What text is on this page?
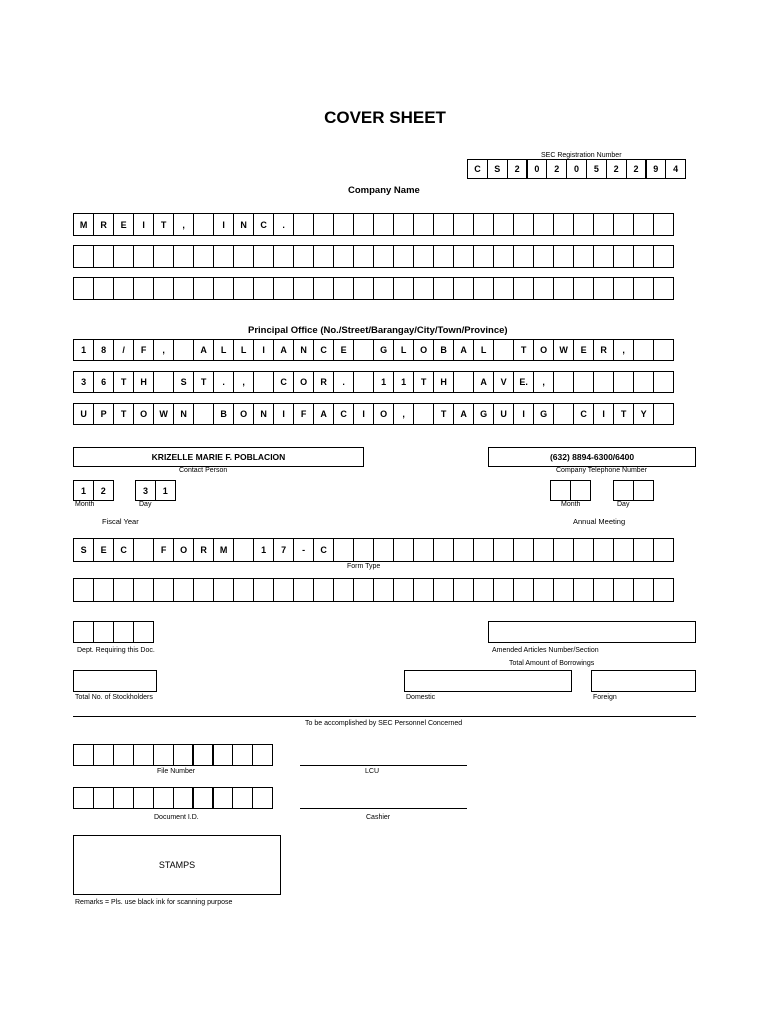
COVER SHEET
SEC Registration Number
C	S	2	0	2	0	5	2	2	9	4
Company Name
M	R	E	I	T	,	I	N	C	.
Principal Office (No./Street/Barangay/City/Town/Province)
1	8	/	F	,	A	L	L	I	A	N	C	E	G	L	O	B	A	L	T	O	W	E	R	,
3	6	T	H	S	T	.	,	C	O	R	.	1	1	T	H	A	V	E.	,
U	P	T	O	W	N	B	O	N	I	F	A	C	I	O	,	T	A	G	U	I	G	C	I	T	Y
KRIZELLE MARIE F. POBLACION
Contact Person
(632) 8894-6300/6400
Company Telephone Number
1	2	3	1
Month	Day
Fiscal Year
Month	Day
Annual Meeting
S	E	C	F	O	R	M	1	7	-	C
Form Type
Dept. Requiring this Doc.	Amended Articles Number/Section
Total Amount of Borrowings
Total No. of Stockholders	Domestic	Foreign
To be accomplished by SEC Personnel Concerned
File Number	LCU
Document I.D.	Cashier
STAMPS
Remarks = Pls. use black ink for scanning purpose
